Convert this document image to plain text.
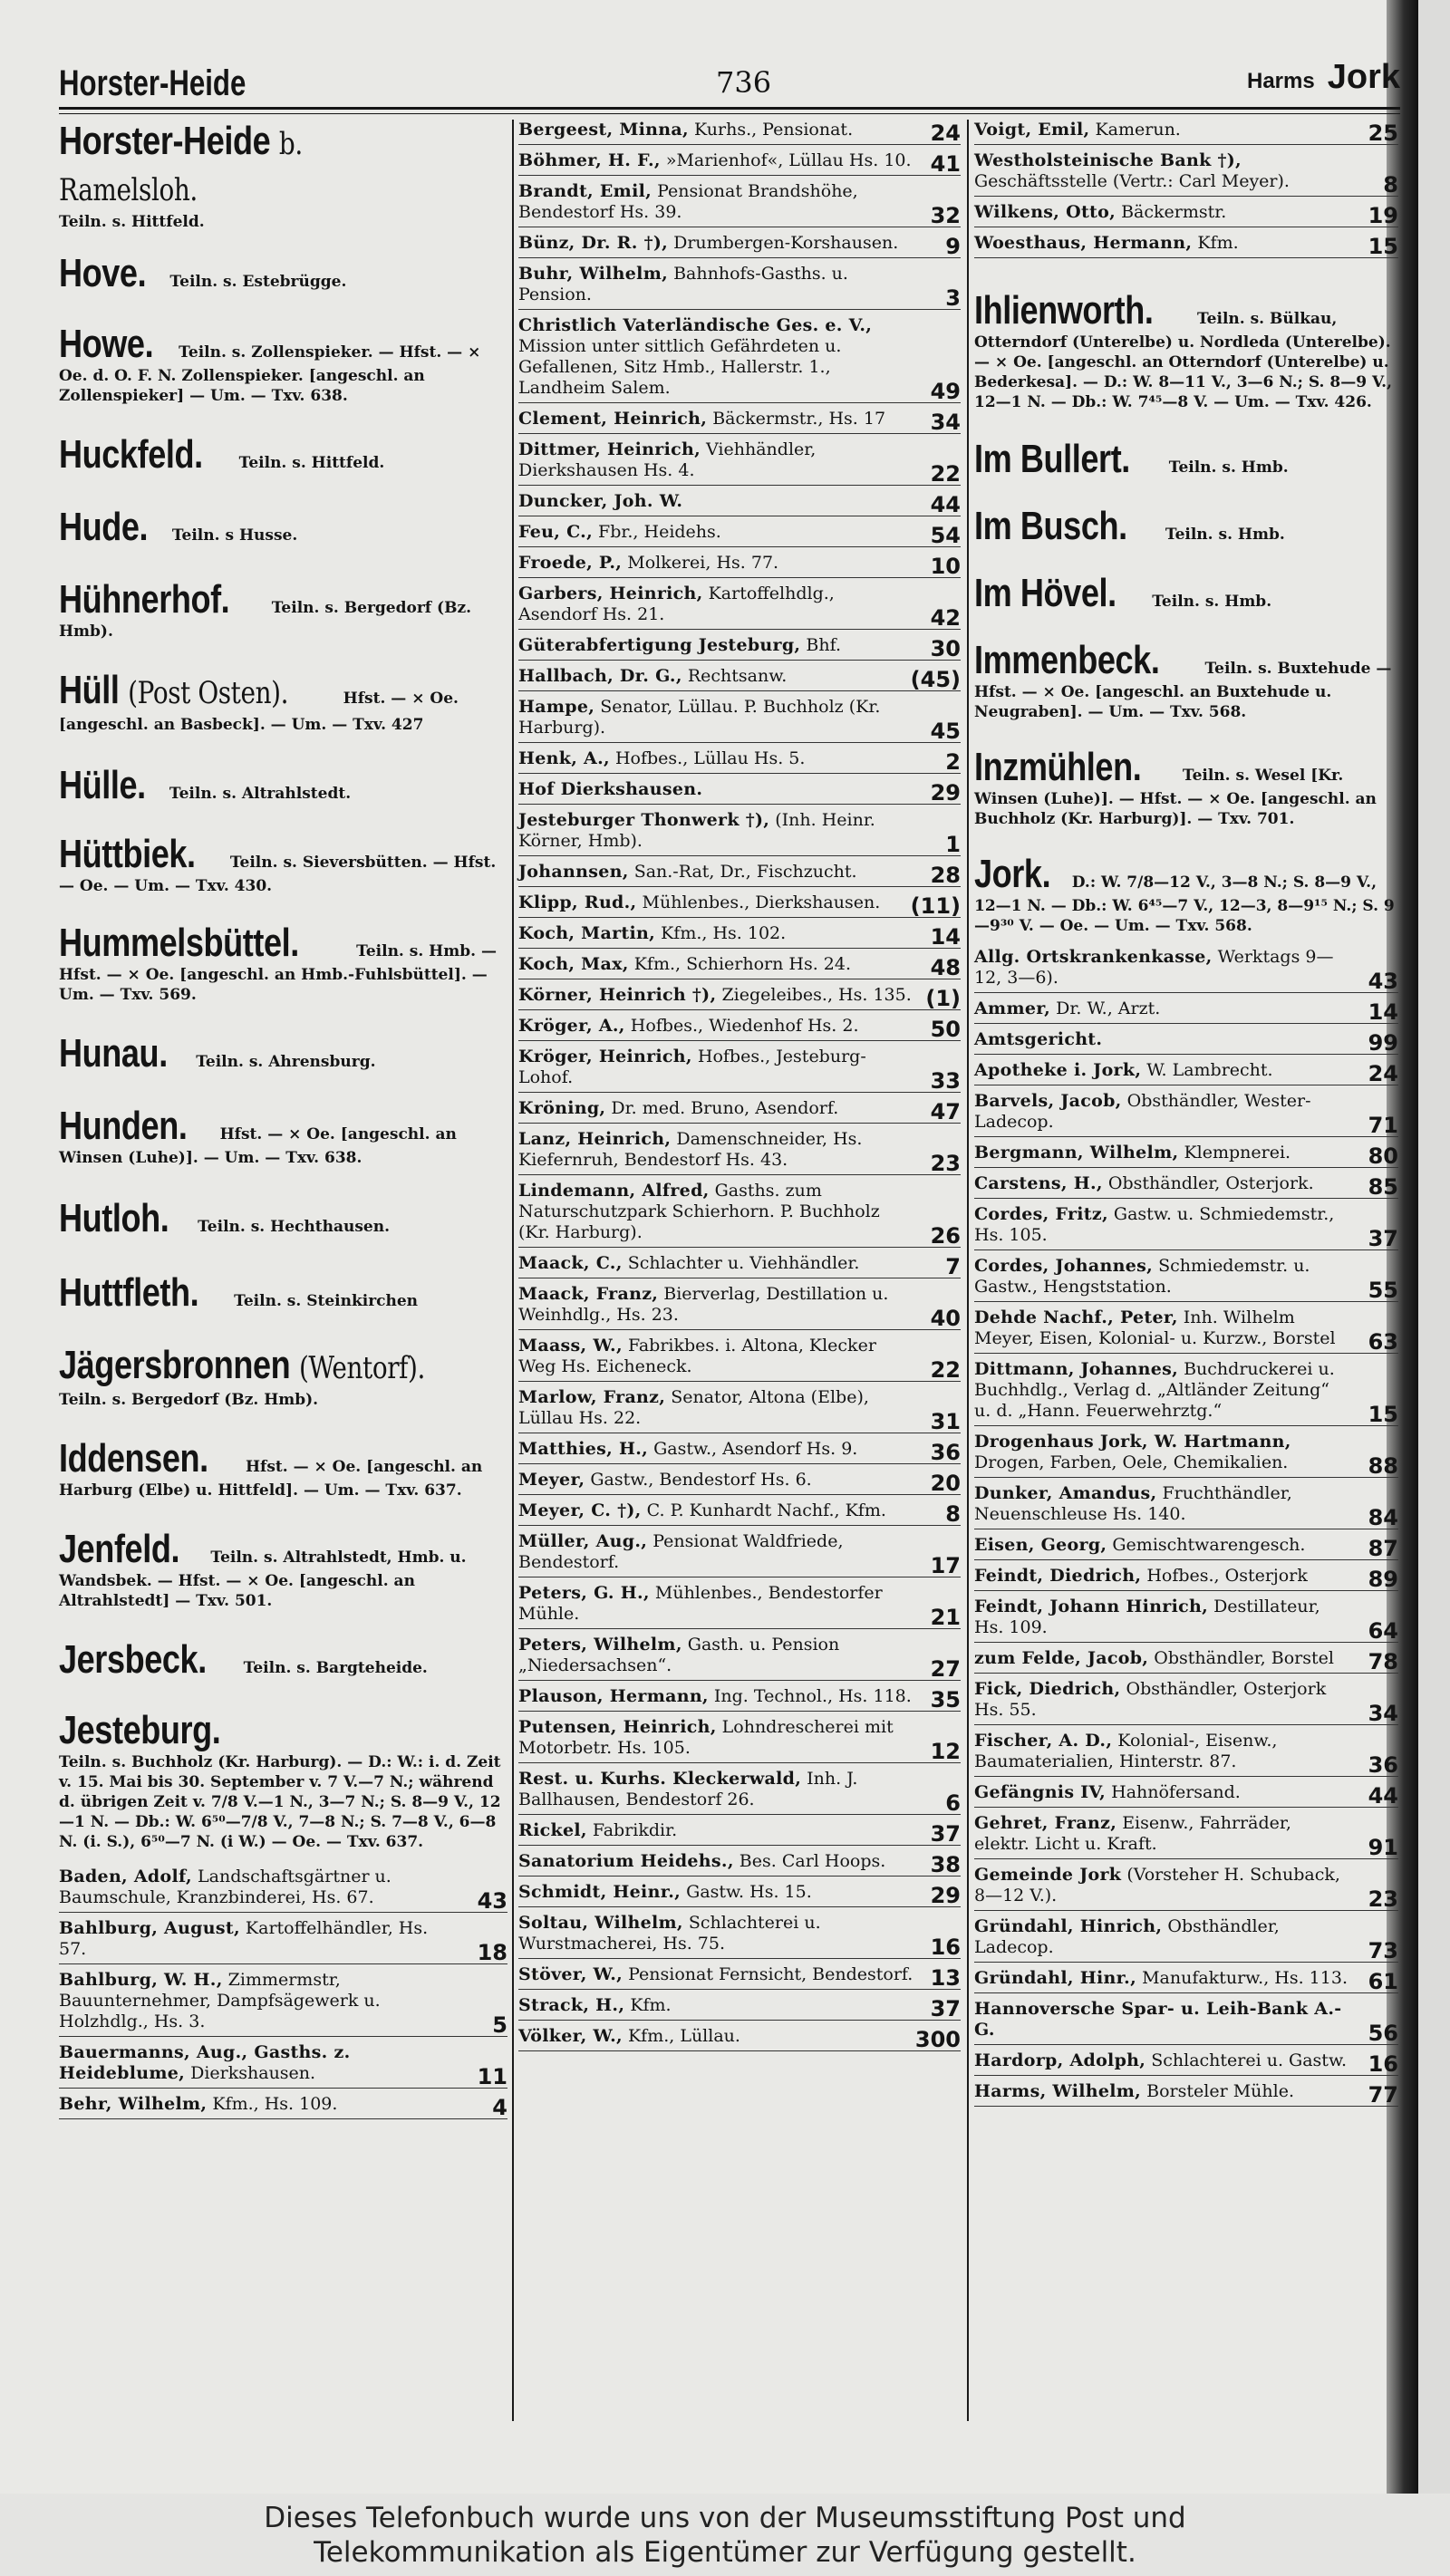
Horster-Heide	736	Harms Jork
Horster-Heide b. Ramelsloh.
Teiln. s. Hittfeld.
Hove. Teiln. s. Estebrügge.
Howe. Teiln. s. Zollenspieker. — Hfst. — × Oe. d. O. F. N. Zollenspieker. [angeschl. an Zollenspieker] — Um. — Txv. 638.
Huckfeld. Teiln. s. Hittfeld.
Hude. Teiln. s Husse.
Hühnerhof.	Teiln. s. Bergedorf (Bz. Hmb).
Hüll (Post Osten).	Hfst. — × Oe. [angeschl. an Basbeck]. — Um. — Txv. 427
Hülle. Teiln. s. Altrahlstedt.
Hüttbiek. Teiln. s. Sieversbütten. — Hfst. — Oe. — Um. — Txv. 430.
Hummelsbüttel.	Teiln. s. Hmb. — Hfst. — × Oe. [angeschl. an Hmb.-Fuhlsbüttel]. — Um. — Txv. 569.
Hunau. Teiln. s. Ahrensburg.
Hunden. Hfst. — × Oe. [angeschl. an Winsen (Luhe)]. — Um. — Txv. 638.
Hutloh. Teiln. s. Hechthausen.
Huttfleth. Teiln. s. Steinkirchen
Jägersbronnen (Wentorf).
Teiln. s. Bergedorf (Bz. Hmb).
Iddensen. Hfst. — × Oe. [angeschl. an Harburg (Elbe) u. Hittfeld]. — Um. — Txv. 637.
Jenfeld. Teiln. s. Altrahlstedt, Hmb. u. Wandsbek. — Hfst. — × Oe. [angeschl. an Altrahlstedt] — Txv. 501.
Jersbeck. Teiln. s. Bargteheide.
Jesteburg.
Teiln. s. Buchholz (Kr. Harburg). — D.: W.: i. d. Zeit v. 15. Mai bis 30. September v. 7 V.—7 N.; während d. übrigen Zeit v. 7/8 V.—1 N., 3—7 N.; S. 8—9 V., 12—1 N. — Db.: W. 6⁵⁰—7/8 V., 7—8 N.; S. 7—8 V., 6—8 N. (i. S.), 6⁵⁰—7 N. (i W.) — Oe. — Txv. 637.
Baden, Adolf, Landschaftsgärtner u. Baumschule, Kranzbinderei, Hs. 67.	43
Bahlburg, August, Kartoffelhändler, Hs. 57.	18
Bahlburg, W. H., Zimmermstr, Bauunternehmer, Dampfsägewerk u. Holzhdlg., Hs. 3.	5
Bauermanns, Aug., Gasths. z. Heideblume, Dierkshausen.	11
Behr, Wilhelm, Kfm., Hs. 109.	4
Bergeest, Minna, Kurhs., Pensionat.	24
Böhmer, H. F., »Marienhof«, Lüllau Hs. 10. 41
Brandt, Emil, Pensionat Brandshöhe, Bendestorf Hs. 39.	32
Bünz, Dr. R. †), Drumbergen-Korshausen. 9
Buhr, Wilhelm, Bahnhofs-Gasths. u. Pension.	3
Christlich Vaterländische Ges. e. V., Mission unter sittlich Gefährdeten u. Gefallenen, Sitz Hmb., Hallerstr. 1., Landheim Salem.	49
Clement, Heinrich, Bäckermstr., Hs. 17 34
Dittmer, Heinrich, Viehhändler, Dierkshausen Hs. 4.	22
Duncker, Joh. W.	44
Feu, C., Fbr., Heidehs.	54
Froede, P., Molkerei, Hs. 77.	10
Garbers, Heinrich, Kartoffelhdlg., Asendorf Hs. 21.	42
Güterabfertigung Jesteburg, Bhf.	30
Hallbach, Dr. G., Rechtsanw.	(45)
Hampe, Senator, Lüllau. P. Buchholz (Kr. Harburg).	45
Henk, A., Hofbes., Lüllau Hs. 5.	2
Hof Dierkshausen.	29
Jesteburger Thonwerk †), (Inh. Heinr. Körner, Hmb).	1
Johannsen, San.-Rat, Dr., Fischzucht.	28
Klipp, Rud., Mühlenbes., Dierkshausen. (11)
Koch, Martin, Kfm., Hs. 102.	14
Koch, Max, Kfm., Schierhorn Hs. 24.	48
Körner, Heinrich †), Ziegeleibes., Hs. 135. (1)
Kröger, A., Hofbes., Wiedenhof Hs. 2.	50
Kröger, Heinrich, Hofbes., Jesteburg-Lohof.	33
Kröning, Dr. med. Bruno, Asendorf.	47
Lanz, Heinrich, Damenschneider, Hs. Kiefernruh, Bendestorf Hs. 43.	23
Lindemann, Alfred, Gasths. zum Naturschutzpark Schierhorn. P. Buchholz (Kr. Harburg).	26
Maack, C., Schlachter u. Viehhändler.	7
Maack, Franz, Bierverlag, Destillation u. Weinhdlg., Hs. 23.	40
Maass, W., Fabrikbes. i. Altona, Klecker Weg Hs. Eicheneck.	22
Marlow, Franz, Senator, Altona (Elbe), Lüllau Hs. 22.	31
Matthies, H., Gastw., Asendorf Hs. 9.	36
Meyer, Gastw., Bendestorf Hs. 6.	20
Meyer, C. †), C. P. Kunhardt Nachf., Kfm.	8
Müller, Aug., Pensionat Waldfriede, Bendestorf.	17
Peters, G. H., Mühlenbes., Bendestorfer Mühle.	21
Peters, Wilhelm, Gasth. u. Pension „Niedersachsen“.	27
Plauson, Hermann, Ing. Technol., Hs. 118. 35
Putensen, Heinrich, Lohndrescherei mit Motorbetr. Hs. 105.	12
Rest. u. Kurhs. Kleckerwald, Inh. J. Ballhausen, Bendestorf 26.	6
Rickel, Fabrikdir.	37
Sanatorium Heidehs., Bes. Carl Hoops. 38
Schmidt, Heinr., Gastw. Hs. 15.	29
Soltau, Wilhelm, Schlachterei u. Wurstmacherei, Hs. 75.	16
Stöver, W., Pensionat Fernsicht, Bendestorf. 13
Strack, H., Kfm.	37
Völker, W., Kfm., Lüllau.	300
Voigt, Emil, Kamerun.	25
Westholsteinische Bank †), Geschäftsstelle (Vertr.: Carl Meyer).	8
Wilkens, Otto, Bäckermstr.	19
Woesthaus, Hermann, Kfm.	15
Ihlienworth.	Teiln. s. Bülkau, Otterndorf (Unterelbe) u. Nordleda (Unterelbe). — × Oe. [angeschl. an Otterndorf (Unterelbe) u. Bederkesa]. — D.: W. 8—11 V., 3—6 N.; S. 8—9 V., 12—1 N. — Db.: W. 7⁴⁵—8 V. — Um. — Txv. 426.
Im Bullert.	Teiln. s. Hmb.
Im Busch. Teiln. s. Hmb.
Im Hövel. Teiln. s. Hmb.
Immenbeck.	Teiln. s. Buxtehude — Hfst. — × Oe. [angeschl. an Buxtehude u. Neugraben]. — Um. — Txv. 568.
Inzmühlen.	Teiln. s. Wesel [Kr. Winsen (Luhe)]. — Hfst. — × Oe. [angeschl. an Buchholz (Kr. Harburg)]. — Txv. 701.
Jork. D.: W. 7/8—12 V., 3—8 N.; S. 8—9 V., 12—1 N. — Db.: W. 6⁴⁵—7 V., 12—3, 8—9¹⁵ N.; S. 9—9³⁰ V. — Oe. — Um. — Txv. 568.
Allg. Ortskrankenkasse, Werktags 9—12, 3—6).	43
Ammer, Dr. W., Arzt.	14
Amtsgericht.	99
Apotheke i. Jork, W. Lambrecht.	24
Barvels, Jacob, Obsthändler, Wester-Ladecop.	71
Bergmann, Wilhelm, Klempnerei.	80
Carstens, H., Obsthändler, Osterjork. 85
Cordes, Fritz, Gastw. u. Schmiedemstr., Hs. 105.	37
Cordes, Johannes, Schmiedemstr. u. Gastw., Hengststation.	55
Dehde Nachf., Peter, Inh. Wilhelm Meyer, Eisen, Kolonial- u. Kurzw., Borstel 63
Dittmann, Johannes, Buchdruckerei u. Buchhdlg., Verlag d. „Altländer Zeitung“ u. d. „Hann. Feuerwehrztg.“	15
Drogenhaus Jork, W. Hartmann, Drogen, Farben, Oele, Chemikalien.	88
Dunker, Amandus, Fruchthändler, Neuenschleuse Hs. 140.	84
Eisen, Georg, Gemischtwarengesch.	87
Feindt, Diedrich, Hofbes., Osterjork	89
Feindt, Johann Hinrich, Destillateur, Hs. 109.	64
zum Felde, Jacob, Obsthändler, Borstel 78
Fick, Diedrich, Obsthändler, Osterjork Hs. 55.	34
Fischer, A. D., Kolonial-, Eisenw., Baumaterialien, Hinterstr. 87.	36
Gefängnis IV, Hahnöfersand.	44
Gehret, Franz, Eisenw., Fahrräder, elektr. Licht u. Kraft.	91
Gemeinde Jork (Vorsteher H. Schuback, 8—12 V.).	23
Gründahl, Hinrich, Obsthändler, Ladecop.	73
Gründahl, Hinr., Manufakturw., Hs. 113. 61
Hannoversche Spar- u. Leih-Bank A.-G.	56
Hardorp, Adolph, Schlachterei u. Gastw. 16
Harms, Wilhelm, Borsteler Mühle.	77

Dieses Telefonbuch wurde uns von der Museumsstiftung Post und

Telekommunikation als Eigentümer zur Verfügung gestellt.
